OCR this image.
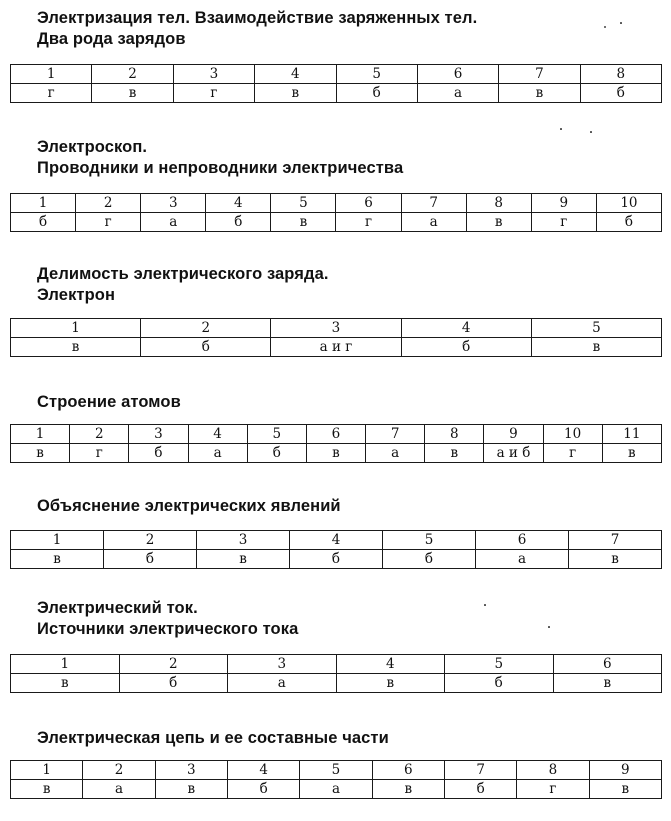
Электризация тел. Взаимодействие заряженных тел.
Два рода зарядов
1	2	3	4	5	6	7	8
г	в	г	в	б	а	в	б
Электроскоп.
Проводники и непроводники электричества
1	2	3	4	5	6	7	8	9	10
б	г	а	б	в	г	а	в	г	б
Делимость электрического заряда.
Электрон
1	2	3	4	5
в	б	а и г	б	в
Строение атомов
1	2	3	4	5	6	7	8	9	10	11
в	г	б	а	б	в	а	в	а и б	г	в
Объяснение электрических явлений
1	2	3	4	5	6	7
в	б	в	б	б	а	в
Электрический ток.
Источники электрического тока
1	2	3	4	5	6
в	б	а	в	б	в
Электрическая цепь и ее составные части
1	2	3	4	5	6	7	8	9
в	а	в	б	а	в	б	г	в
